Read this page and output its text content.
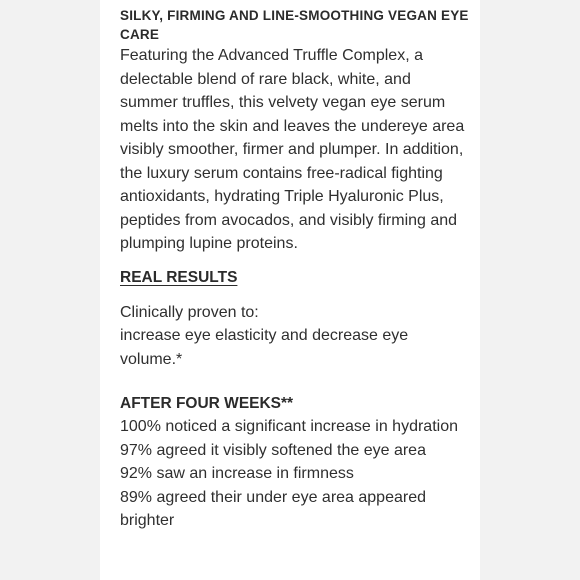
SILKY, FIRMING AND LINE-SMOOTHING VEGAN EYE CARE

Featuring the Advanced Truffle Complex, a delectable blend of rare black, white, and summer truffles, this velvety vegan eye serum melts into the skin and leaves the undereye area visibly smoother, firmer and plumper. In addition, the luxury serum contains free-radical fighting antioxidants, hydrating Triple Hyaluronic Plus, peptides from avocados, and visibly firming and plumping lupine proteins.

REAL RESULTS

Clinically proven to:
increase eye elasticity and decrease eye volume.*

AFTER FOUR WEEKS**

100% noticed a significant increase in hydration
97% agreed it visibly softened the eye area
92% saw an increase in firmness
89% agreed their under eye area appeared brighter
